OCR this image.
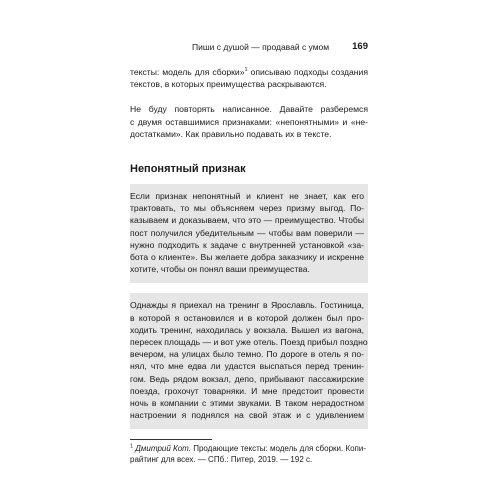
Пиши с душой — продавай с умом 169

тексты: модель для сборки»$^1$ описываю подходы создания
текстов, в которых преимущества раскрываются.

Не буду повторять написанное. Давайте разберемся
с двумя оставшимися признаками: «непонятными» и «не-
достатками». Как правильно подавать их в тексте.

Непонятный признак

Если признак непонятный и клиент не знает, как его
трактовать, то мы объясняем через призму выгод. По-
казываем и доказываем, что это — преимущество. Чтобы
пост получился убедительным — чтобы вам поверили —
нужно подходить к задаче с внутренней установкой «за-
бота о клиенте». Вы желаете добра заказчику и искренне
хотите, чтобы он понял ваши преимущества.

Однажды я приехал на тренинг в Ярославль. Гостиница,
в которой я остановился и в которой должен был про-
ходить тренинг, находилась у вокзала. Вышел из вагона,
пересек площадь — и вот уже отель. Поезд прибыл поздно
вечером, на улицах было темно. По дороге в отель я по-
нял, что мне едва ли удастся выспаться перед тренин-
гом. Ведь рядом вокзал, депо, прибывают пассажирские
поезда, грохочут товарняки. И мне предстоит провести
ночь в компании с этими звуками. В таком нерадостном
настроении я поднялся на свой этаж и с удивлением

$^1$ Дмитрий Кот. Продающие тексты: модель для сборки. Копи-
райтинг для всех. — СПб.: Питер, 2019. — 192 с.
